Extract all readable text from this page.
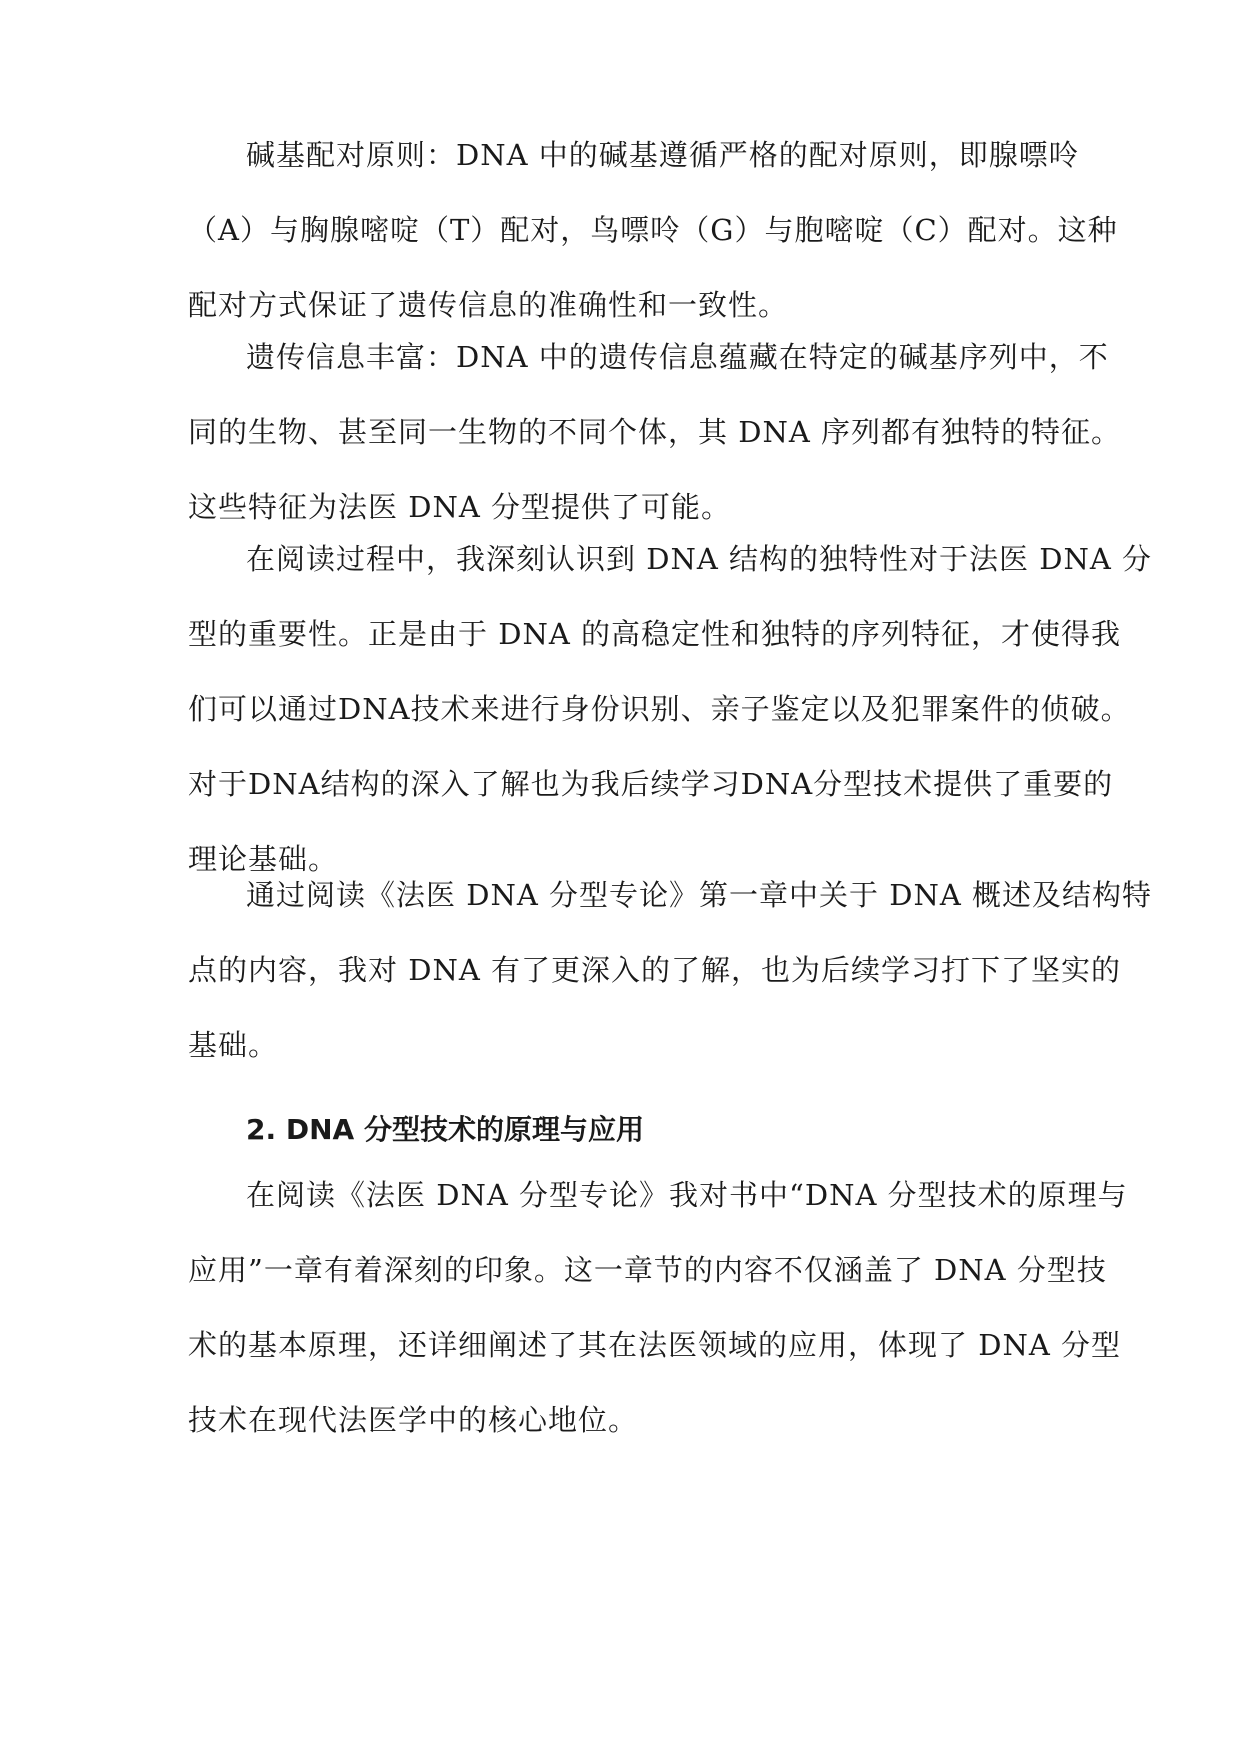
碱基配对原则：DNA 中的碱基遵循严格的配对原则，即腺嘌呤
（A）与胸腺嘧啶（T）配对，鸟嘌呤（G）与胞嘧啶（C）配对。这种
配对方式保证了遗传信息的准确性和一致性。
遗传信息丰富：DNA 中的遗传信息蕴藏在特定的碱基序列中，不
同的生物、甚至同一生物的不同个体，其 DNA 序列都有独特的特征。
这些特征为法医 DNA 分型提供了可能。
在阅读过程中，我深刻认识到 DNA 结构的独特性对于法医 DNA 分
型的重要性。正是由于 DNA 的高稳定性和独特的序列特征，才使得我
们可以通过DNA技术来进行身份识别、亲子鉴定以及犯罪案件的侦破。
对于DNA结构的深入了解也为我后续学习DNA分型技术提供了重要的
理论基础。
通过阅读《法医 DNA 分型专论》第一章中关于 DNA 概述及结构特
点的内容，我对 DNA 有了更深入的了解，也为后续学习打下了坚实的
基础。
2. DNA 分型技术的原理与应用
在阅读《法医 DNA 分型专论》我对书中“DNA 分型技术的原理与
应用”一章有着深刻的印象。这一章节的内容不仅涵盖了 DNA 分型技
术的基本原理，还详细阐述了其在法医领域的应用，体现了 DNA 分型
技术在现代法医学中的核心地位。
